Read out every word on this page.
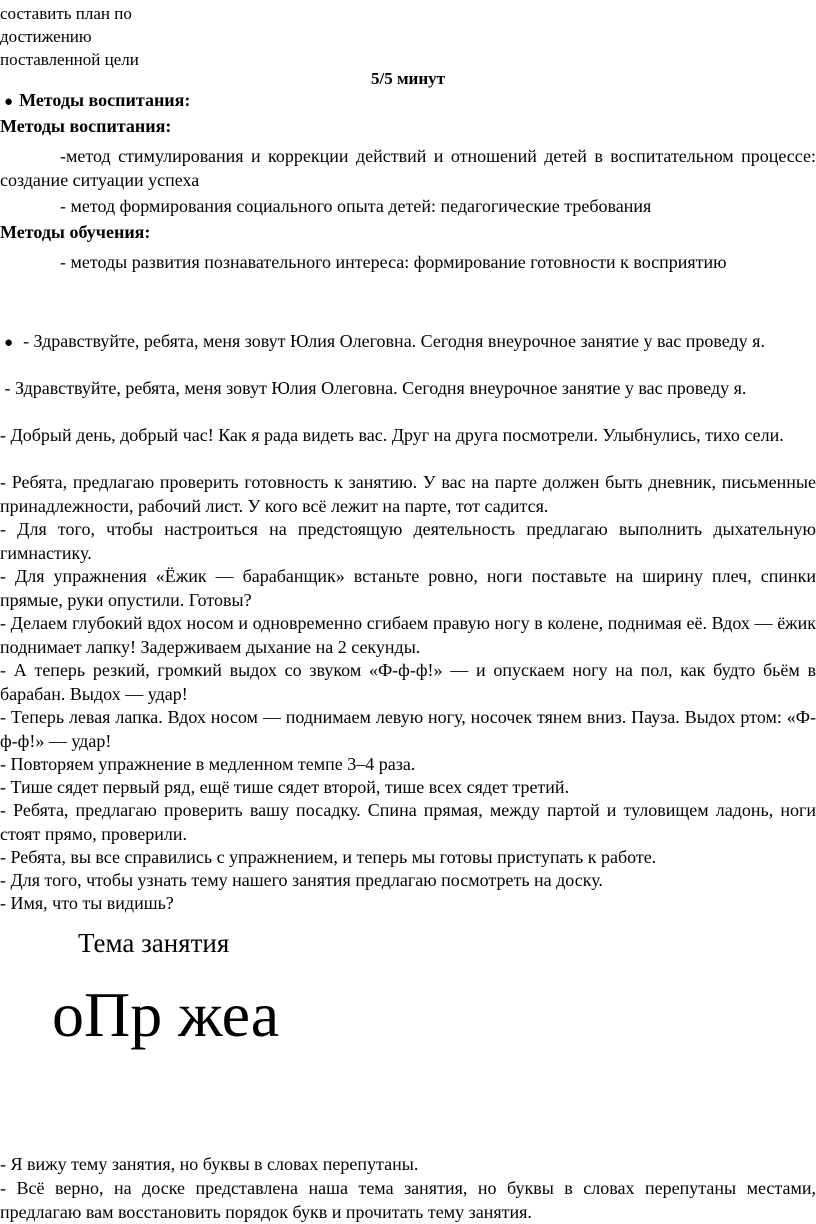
составить план по достижению поставленной цели
5/5 минут
● Методы воспитания:
Методы воспитания:
-метод стимулирования и коррекции действий и отношений детей в воспитательном процессе: создание ситуации успеха
- метод формирования социального опыта детей: педагогические требования
Методы обучения:
- методы развития познавательного интереса: формирование готовности к восприятию
● - Здравствуйте, ребята, меня зовут Юлия Олеговна. Сегодня внеурочное занятие у вас проведу я.
- Здравствуйте, ребята, меня зовут Юлия Олеговна. Сегодня внеурочное занятие у вас проведу я.
- Добрый день, добрый час! Как я рада видеть вас. Друг на друга посмотрели. Улыбнулись, тихо сели.
- Ребята, предлагаю проверить готовность к занятию. У вас на парте должен быть дневник, письменные принадлежности, рабочий лист. У кого всё лежит на парте, тот садится.
- Для того, чтобы настроиться на предстоящую деятельность предлагаю выполнить дыхательную гимнастику.
- Для упражнения «Ёжик — барабанщик» встаньте ровно, ноги поставьте на ширину плеч, спинки прямые, руки опустили. Готовы?
- Делаем глубокий вдох носом и одновременно сгибаем правую ногу в колене, поднимая её. Вдох — ёжик поднимает лапку! Задерживаем дыхание на 2 секунды.
- А теперь резкий, громкий выдох со звуком «Ф-ф-ф!» — и опускаем ногу на пол, как будто бьём в барабан. Выдох — удар!
- Теперь левая лапка. Вдох носом — поднимаем левую ногу, носочек тянем вниз. Пауза. Выдох ртом: «Ф-ф-ф!» — удар!
- Повторяем упражнение в медленном темпе 3–4 раза.
- Тише сядет первый ряд, ещё тише сядет второй, тише всех сядет третий.
- Ребята, предлагаю проверить вашу посадку. Спина прямая, между партой и туловищем ладонь, ноги стоят прямо, проверили.
- Ребята, вы все справились с упражнением, и теперь мы готовы приступать к работе.
- Для того, чтобы узнать тему нашего занятия предлагаю посмотреть на доску.
- Имя, что ты видишь?
Тема занятия
оПр жеа
- Я вижу тему занятия, но буквы в словах перепутаны.
- Всё верно, на доске представлена наша тема занятия, но буквы в словах перепутаны местами, предлагаю вам восстановить порядок букв и прочитать тему занятия.
